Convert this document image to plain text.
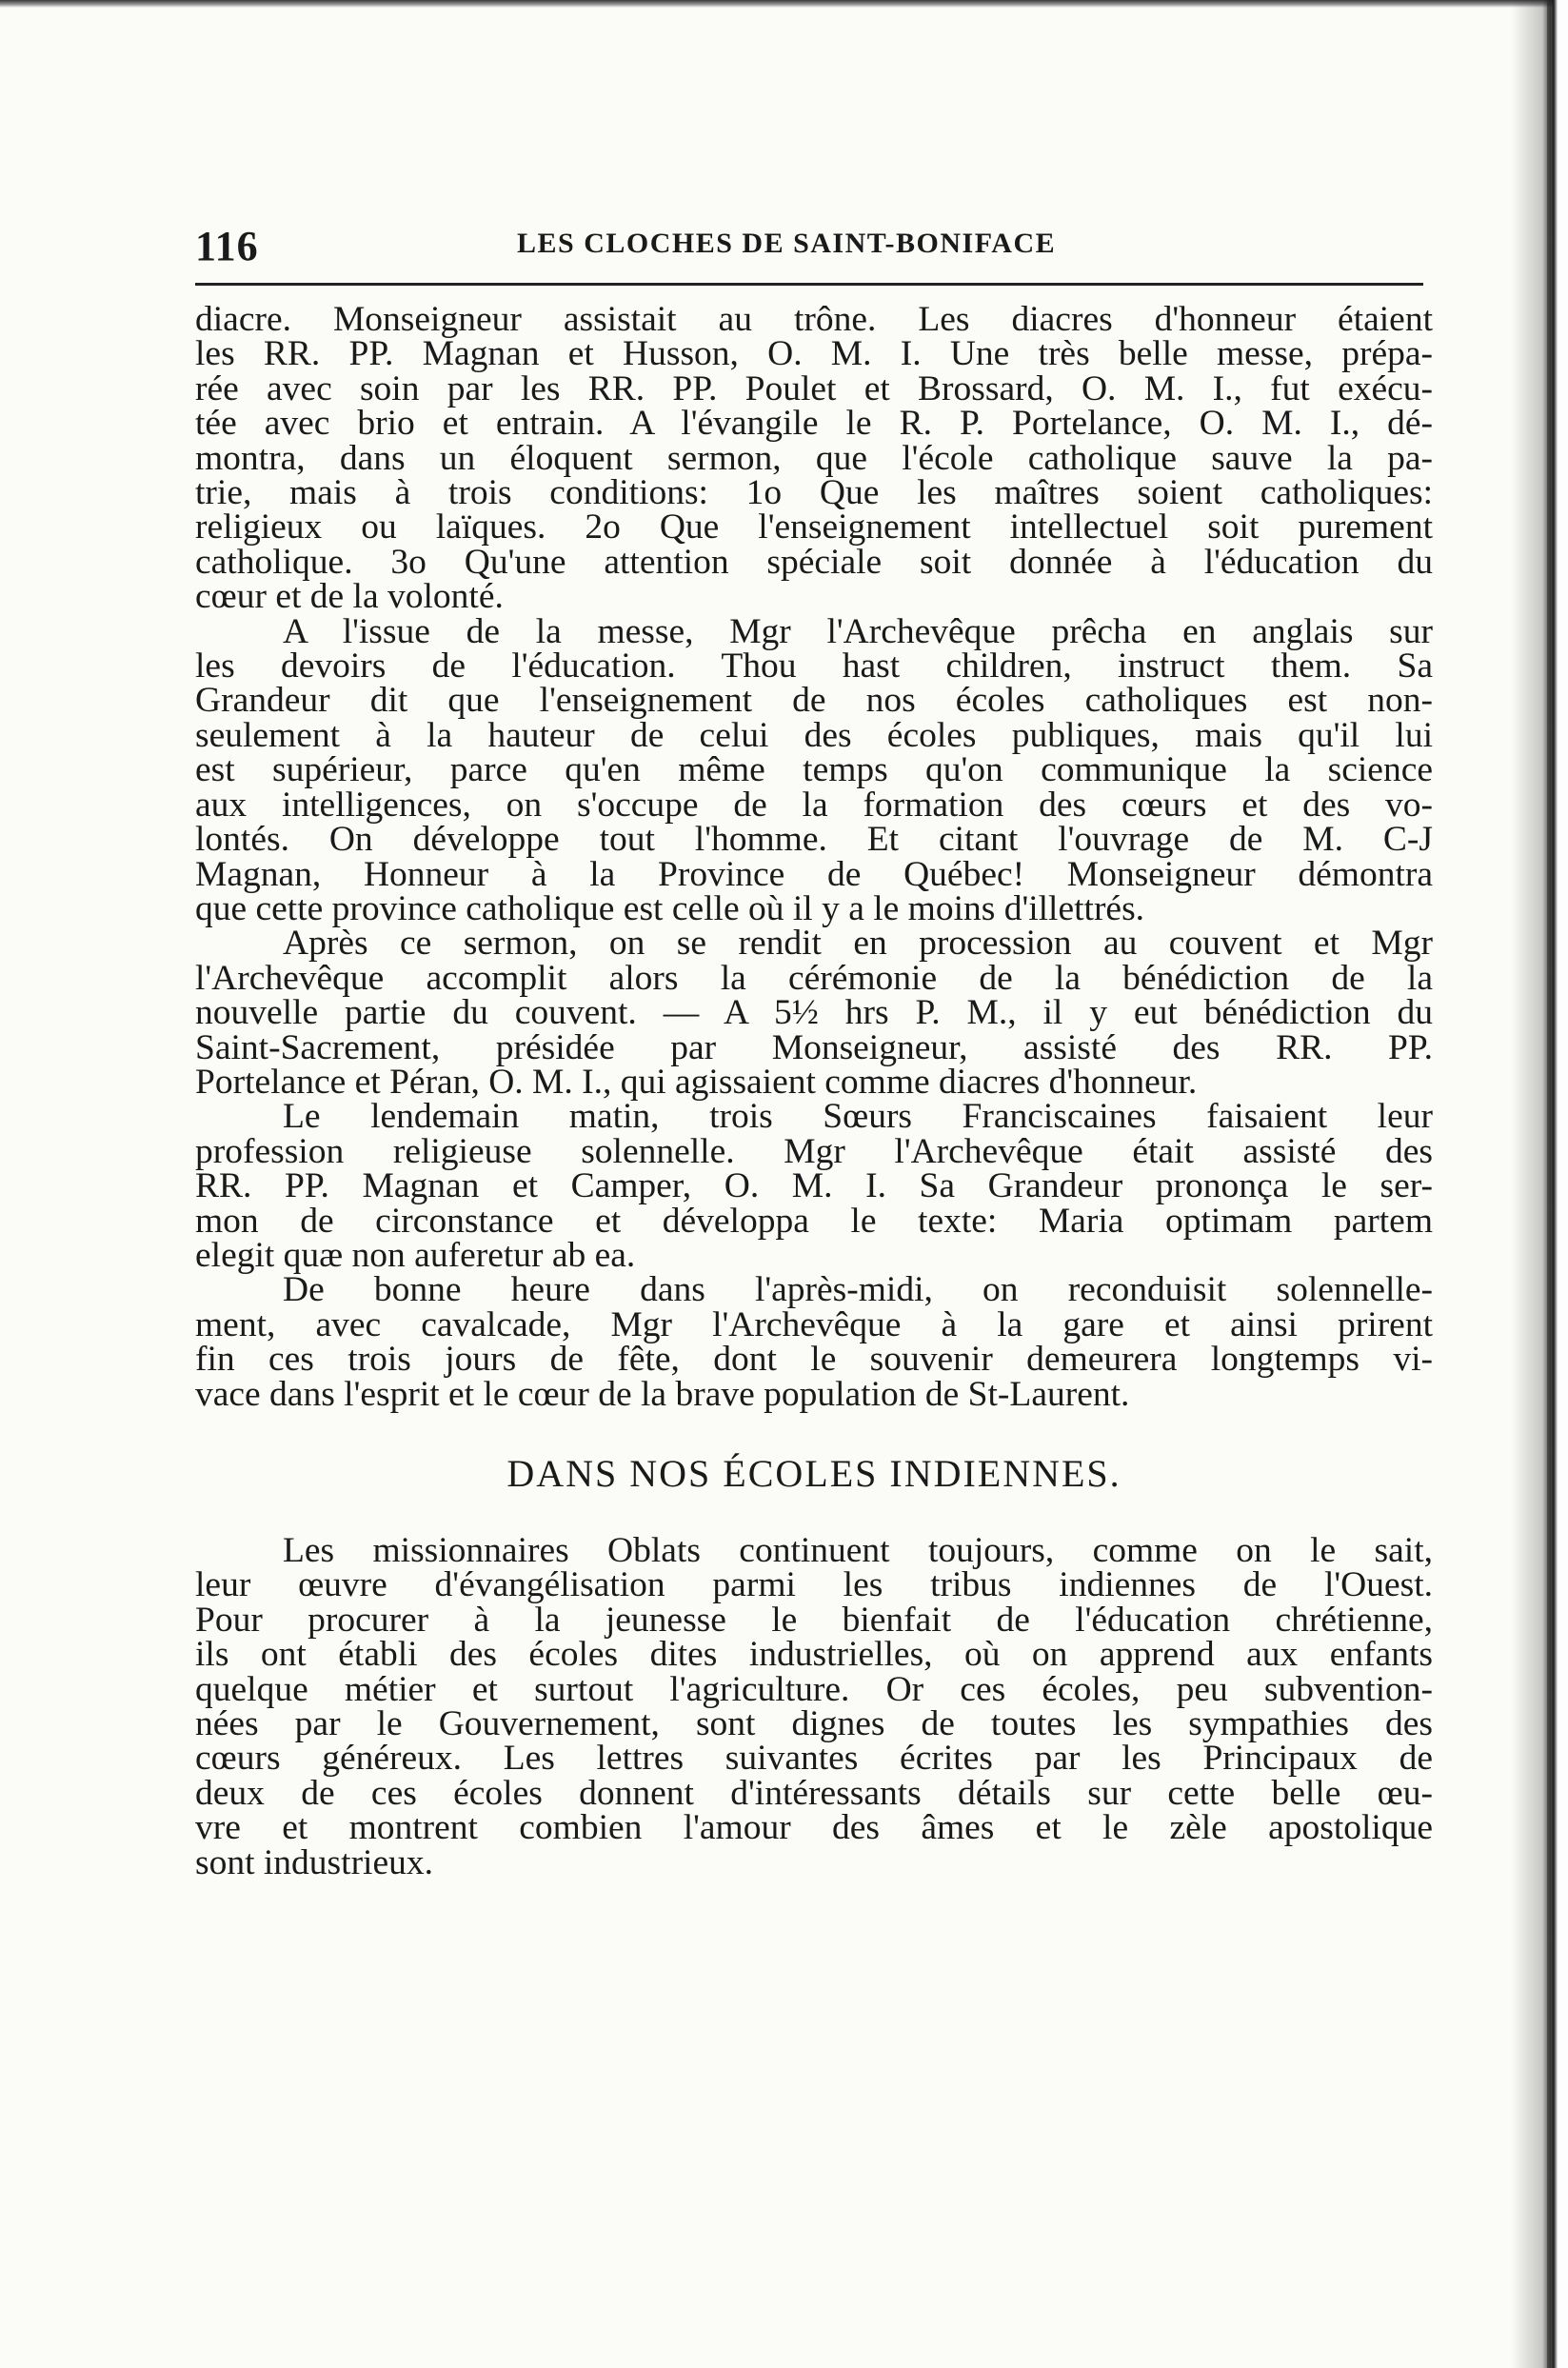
116	LES CLOCHES DE SAINT-BONIFACE
diacre. Monseigneur assistait au trône. Les diacres d'honneur étaient
les RR. PP. Magnan et Husson, O. M. I. Une très belle messe, prépa-
rée avec soin par les RR. PP. Poulet et Brossard, O. M. I., fut exécu-
tée avec brio et entrain. A l'évangile le R. P. Portelance, O. M. I., dé-
montra, dans un éloquent sermon, que l'école catholique sauve la pa-
trie, mais à trois conditions: 1o Que les maîtres soient catholiques:
religieux ou laïques. 2o Que l'enseignement intellectuel soit purement
catholique. 3o Qu'une attention spéciale soit donnée à l'éducation du
cœur et de la volonté.
A l'issue de la messe, Mgr l'Archevêque prêcha en anglais sur
les devoirs de l'éducation. Thou hast children, instruct them. Sa
Grandeur dit que l'enseignement de nos écoles catholiques est non-
seulement à la hauteur de celui des écoles publiques, mais qu'il lui
est supérieur, parce qu'en même temps qu'on communique la science
aux intelligences, on s'occupe de la formation des cœurs et des vo-
lontés. On développe tout l'homme. Et citant l'ouvrage de M. C-J
Magnan, Honneur à la Province de Québec! Monseigneur démontra
que cette province catholique est celle où il y a le moins d'illettrés.
Après ce sermon, on se rendit en procession au couvent et Mgr
l'Archevêque accomplit alors la cérémonie de la bénédiction de la
nouvelle partie du couvent. — A 5½ hrs P. M., il y eut bénédiction du
Saint-Sacrement, présidée par Monseigneur, assisté des RR. PP.
Portelance et Péran, O. M. I., qui agissaient comme diacres d'honneur.
Le lendemain matin, trois Sœurs Franciscaines faisaient leur
profession religieuse solennelle. Mgr l'Archevêque était assisté des
RR. PP. Magnan et Camper, O. M. I. Sa Grandeur prononça le ser-
mon de circonstance et développa le texte: Maria optimam partem
elegit quæ non auferetur ab ea.
De bonne heure dans l'après-midi, on reconduisit solennelle-
ment, avec cavalcade, Mgr l'Archevêque à la gare et ainsi prirent
fin ces trois jours de fête, dont le souvenir demeurera longtemps vi-
vace dans l'esprit et le cœur de la brave population de St-Laurent.
DANS NOS ÉCOLES INDIENNES.
Les missionnaires Oblats continuent toujours, comme on le sait,
leur œuvre d'évangélisation parmi les tribus indiennes de l'Ouest.
Pour procurer à la jeunesse le bienfait de l'éducation chrétienne,
ils ont établi des écoles dites industrielles, où on apprend aux enfants
quelque métier et surtout l'agriculture. Or ces écoles, peu subvention-
nées par le Gouvernement, sont dignes de toutes les sympathies des
cœurs généreux. Les lettres suivantes écrites par les Principaux de
deux de ces écoles donnent d'intéressants détails sur cette belle œu-
vre et montrent combien l'amour des âmes et le zèle apostolique
sont industrieux.
